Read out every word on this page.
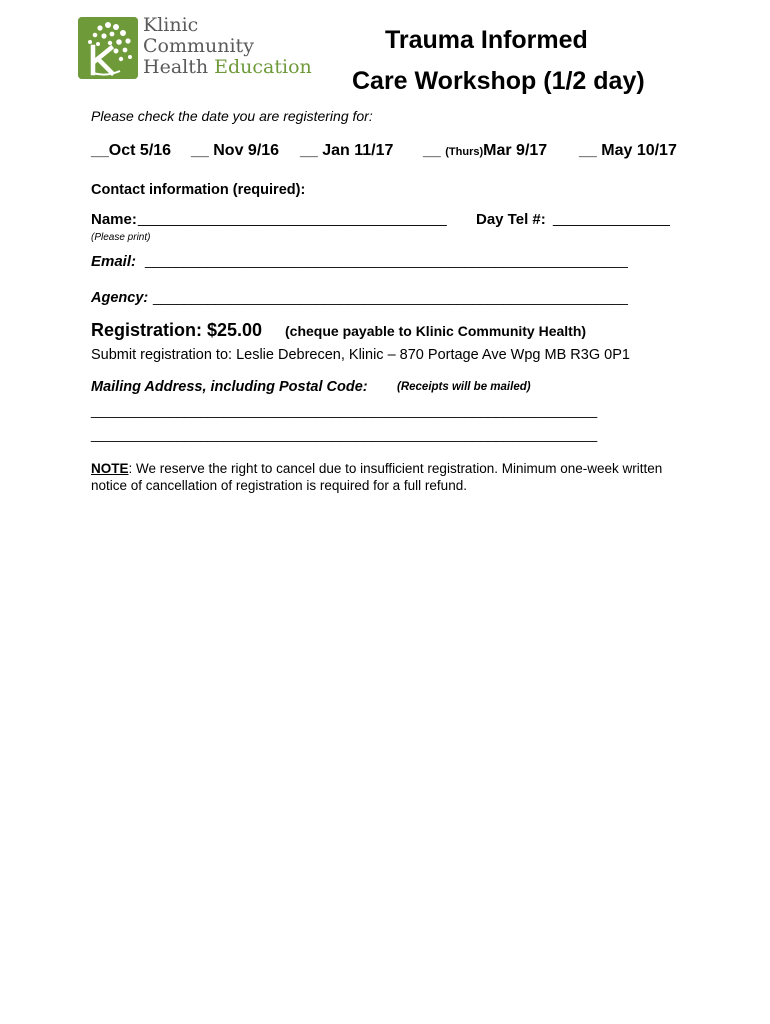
Klinic
Community
Health Education
Trauma Informed
Care Workshop (1/2 day)
Please check the date you are registering for:
__Oct 5/16 __ Nov 9/16 __ Jan 11/17 __ (Thurs)Mar 9/17 __ May 10/17
Contact information (required):
Name: _____________________________________ Day Tel #: ______________
(Please print)
Email: ______________________________________________________________
Agency: _____________________________________________________________
Registration: $25.00 (cheque payable to Klinic Community Health)
Submit registration to: Leslie Debrecen, Klinic – 870 Portage Ave Wpg MB R3G 0P1
Mailing Address, including Postal Code:	(Receipts will be mailed)
_________________________________________________________________
_________________________________________________________________
NOTE: We reserve the right to cancel due to insufficient registration. Minimum one-week written notice of cancellation of registration is required for a full refund.
